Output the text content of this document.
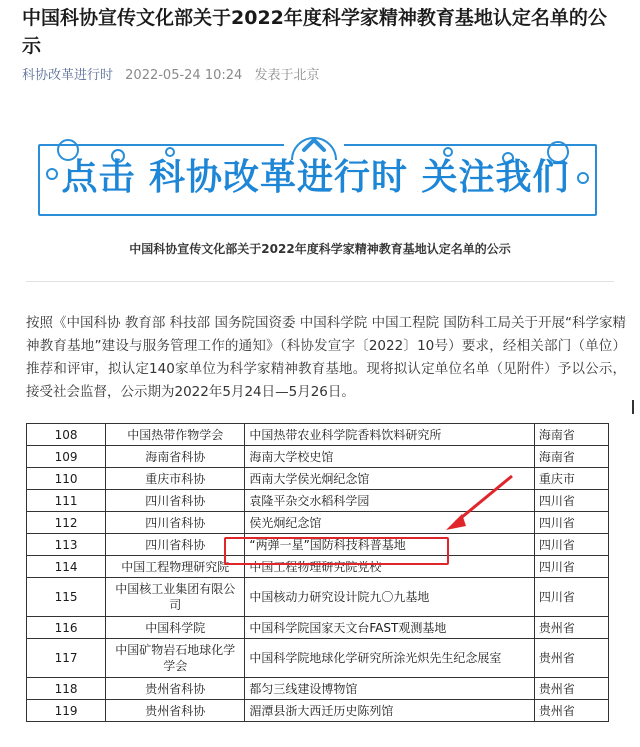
中国科协宣传文化部关于2022年度科学家精神教育基地认定名单的公示
科协改革进行时 2022-05-24 10:24 发表于北京
点击 科协改革进行时 关注我们
中国科协宣传文化部关于2022年度科学家精神教育基地认定名单的公示

按照《中国科协 教育部 科技部 国务院国资委 中国科学院 中国工程院 国防科工局关于开展“科学家精神教育基地”建设与服务管理工作的通知》（科协发宣字〔2022〕10号）要求，经相关部门（单位）推荐和评审，拟认定140家单位为科学家精神教育基地。现将拟认定单位名单（见附件）予以公示，接受社会监督，公示期为2022年5月24日—5月26日。

108	中国热带作物学会	中国热带农业科学院香料饮料研究所	海南省
109	海南省科协	海南大学校史馆	海南省
110	重庆市科协	西南大学侯光炯纪念馆	重庆市
111	四川省科协	袁隆平杂交水稻科学园	四川省
112	四川省科协	侯光炯纪念馆	四川省
113	四川省科协	“两弹一星”国防科技科普基地	四川省
114	中国工程物理研究院	中国工程物理研究院党校	四川省
115	中国核工业集团有限公司	中国核动力研究设计院九〇九基地	四川省
116	中国科学院	中国科学院国家天文台FAST观测基地	贵州省
117	中国矿物岩石地球化学学会	中国科学院地球化学研究所涂光炽先生纪念展室	贵州省
118	贵州省科协	都匀三线建设博物馆	贵州省
119	贵州省科协	湄潭县浙大西迁历史陈列馆	贵州省
